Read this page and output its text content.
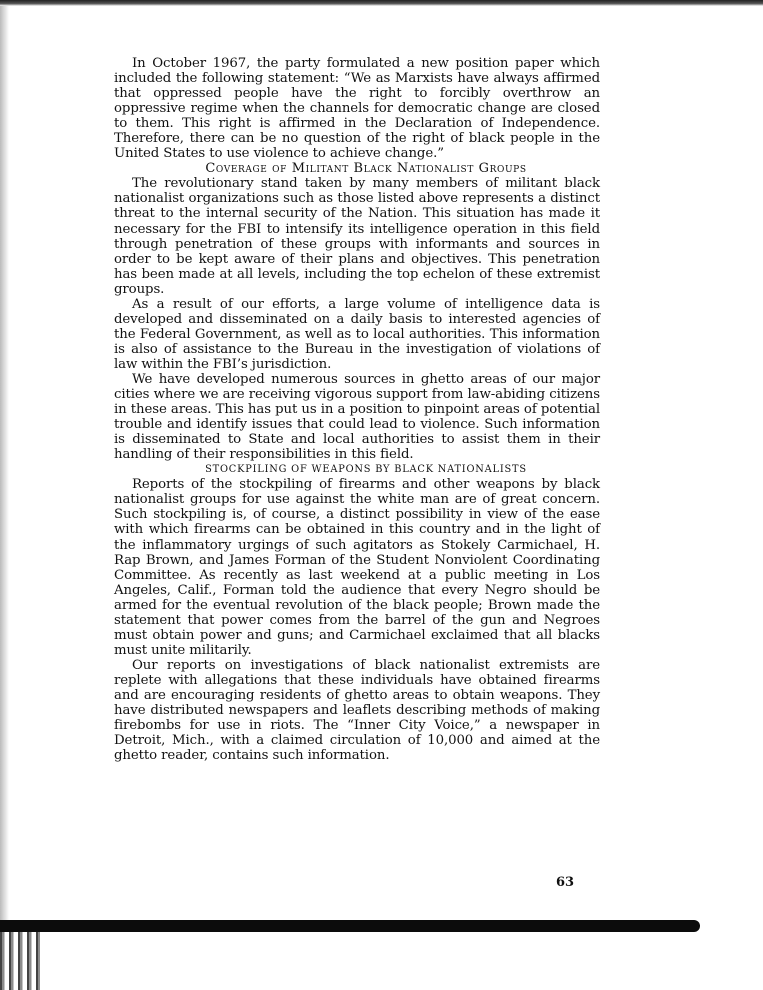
In October 1967, the party formulated a new position paper which included the following statement: “We as Marxists have always affirmed that oppressed people have the right to forcibly overthrow an oppressive regime when the channels for democratic change are closed to them. This right is affirmed in the Declaration of Independence. Therefore, there can be no question of the right of black people in the United States to use violence to achieve change.”

Coverage of Militant Black Nationalist Groups

The revolutionary stand taken by many members of militant black nationalist organizations such as those listed above represents a distinct threat to the internal security of the Nation. This situation has made it necessary for the FBI to intensify its intelligence operation in this field through penetration of these groups with informants and sources in order to be kept aware of their plans and objectives. This penetration has been made at all levels, including the top echelon of these extremist groups.

As a result of our efforts, a large volume of intelligence data is developed and disseminated on a daily basis to interested agencies of the Federal Government, as well as to local authorities. This information is also of assistance to the Bureau in the investigation of violations of law within the FBI’s jurisdiction.

We have developed numerous sources in ghetto areas of our major cities where we are receiving vigorous support from law-abiding citizens in these areas. This has put us in a position to pinpoint areas of potential trouble and identify issues that could lead to violence. Such information is disseminated to State and local authorities to assist them in their handling of their responsibilities in this field.

STOCKPILING OF WEAPONS BY BLACK NATIONALISTS

Reports of the stockpiling of firearms and other weapons by black nationalist groups for use against the white man are of great concern. Such stockpiling is, of course, a distinct possibility in view of the ease with which firearms can be obtained in this country and in the light of the inflammatory urgings of such agitators as Stokely Carmichael, H. Rap Brown, and James Forman of the Student Nonviolent Coordinating Committee. As recently as last weekend at a public meeting in Los Angeles, Calif., Forman told the audience that every Negro should be armed for the eventual revolution of the black people; Brown made the statement that power comes from the barrel of the gun and Negroes must obtain power and guns; and Carmichael exclaimed that all blacks must unite militarily.

Our reports on investigations of black nationalist extremists are replete with allegations that these individuals have obtained firearms and are encouraging residents of ghetto areas to obtain weapons. They have distributed newspapers and leaflets describing methods of making firebombs for use in riots. The “Inner City Voice,” a newspaper in Detroit, Mich., with a claimed circulation of 10,000 and aimed at the ghetto reader, contains such information.

63
